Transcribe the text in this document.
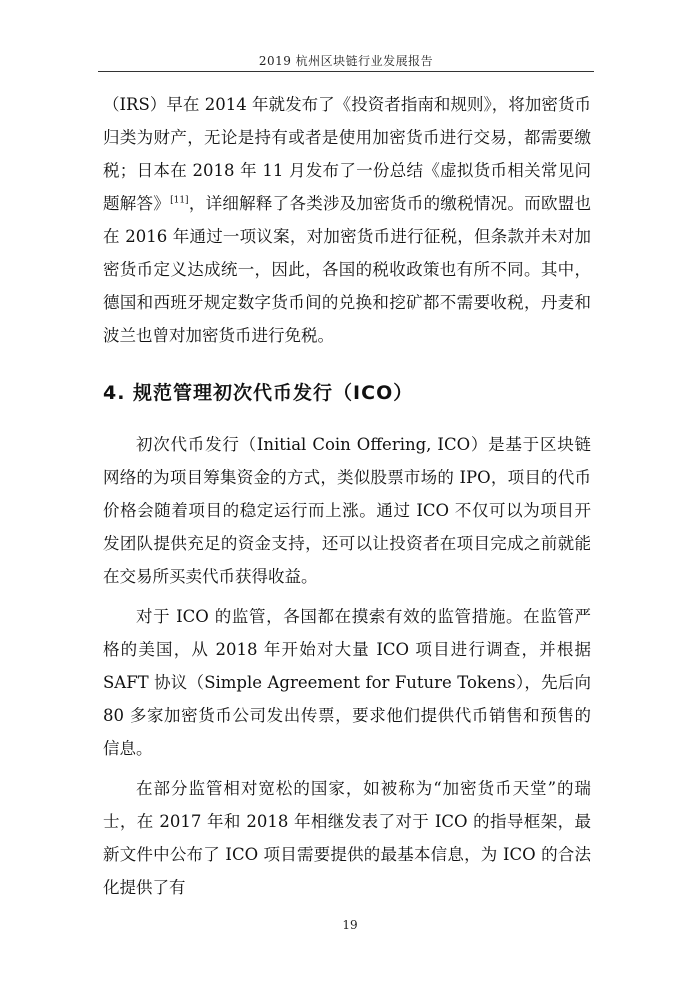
2019 杭州区块链行业发展报告

（IRS）早在 2014 年就发布了《投资者指南和规则》，将加密货币归类为财产，无论是持有或者是使用加密货币进行交易，都需要缴税；日本在 2018 年 11 月发布了一份总结《虚拟货币相关常见问题解答》[11]，详细解释了各类涉及加密货币的缴税情况。而欧盟也在 2016 年通过一项议案，对加密货币进行征税，但条款并未对加密货币定义达成统一，因此，各国的税收政策也有所不同。其中，德国和西班牙规定数字货币间的兑换和挖矿都不需要收税，丹麦和波兰也曾对加密货币进行免税。

4. 规范管理初次代币发行（ICO）

初次代币发行（Initial Coin Offering, ICO）是基于区块链网络的为项目筹集资金的方式，类似股票市场的 IPO，项目的代币价格会随着项目的稳定运行而上涨。通过 ICO 不仅可以为项目开发团队提供充足的资金支持，还可以让投资者在项目完成之前就能在交易所买卖代币获得收益。

对于 ICO 的监管，各国都在摸索有效的监管措施。在监管严格的美国，从 2018 年开始对大量 ICO 项目进行调查，并根据 SAFT 协议（Simple Agreement for Future Tokens），先后向 80 多家加密货币公司发出传票，要求他们提供代币销售和预售的信息。

在部分监管相对宽松的国家，如被称为“加密货币天堂”的瑞士，在 2017 年和 2018 年相继发表了对于 ICO 的指导框架，最新文件中公布了 ICO 项目需要提供的最基本信息，为 ICO 的合法化提供了有

19
